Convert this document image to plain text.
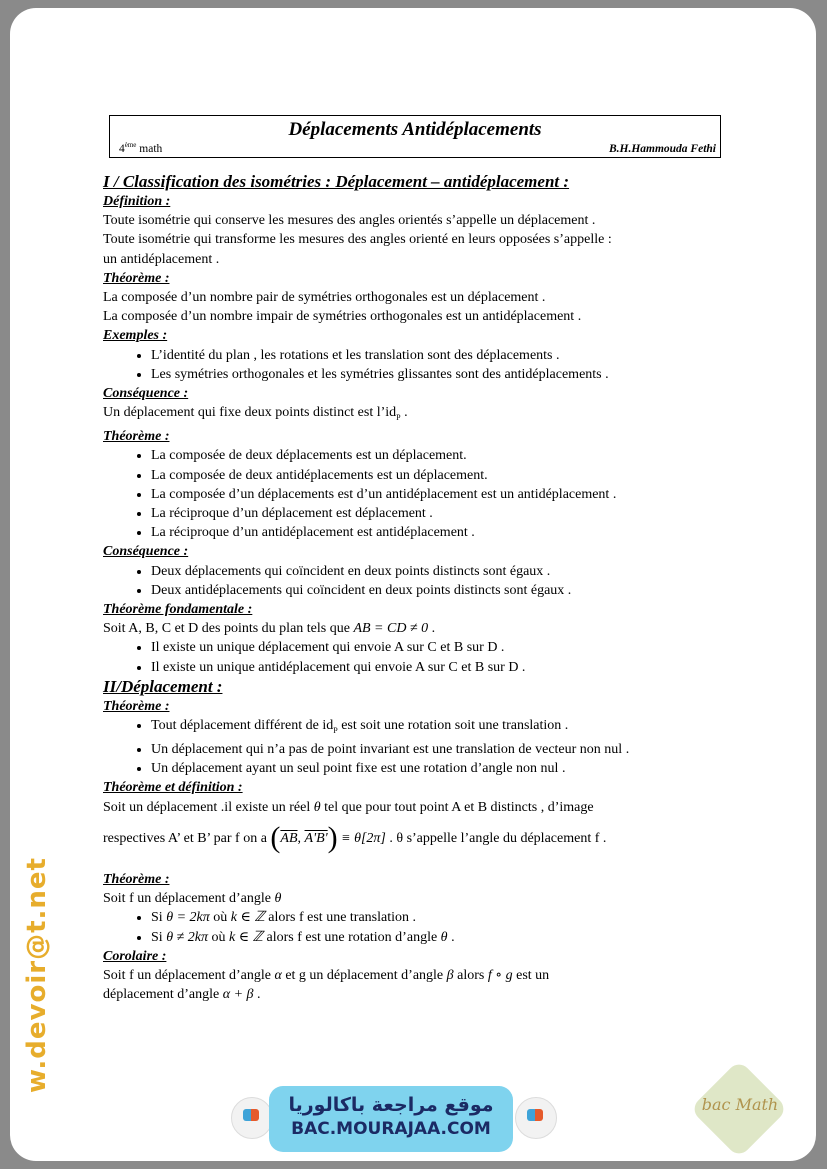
Déplacements Antidéplacements
4ème math	B.H.Hammouda Fethi

I / Classification des isométries : Déplacement – antidéplacement :

Définition :

Toute isométrie qui conserve les mesures des angles orientés s’appelle un déplacement .

Toute isométrie qui transforme les mesures des angles orienté en leurs opposées s’appelle :

un antidéplacement .

Théorème :

La composée d’un nombre pair de symétries orthogonales est un déplacement .

La composée d’un nombre impair de symétries orthogonales est un antidéplacement .

Exemples :

• L’identité du plan , les rotations et les translation sont des déplacements .
• Les symétries orthogonales et les symétries glissantes sont des antidéplacements .

Conséquence :

Un déplacement qui fixe deux points distinct est $l’id_P$ .

Théorème :

• La composée de deux déplacements est un déplacement.
• La composée de deux antidéplacements est un déplacement.
• La composée d’un déplacements est d’un antidéplacement est un antidéplacement .
• La réciproque d’un déplacement est déplacement .
• La réciproque d’un antidéplacement est antidéplacement .

Conséquence :

• Deux déplacements qui coïncident en deux points distincts sont égaux .
• Deux antidéplacements qui coïncident en deux points distincts sont égaux .

Théorème fondamentale :

Soit A, B, C et D des points du plan tels que AB = CD ≠ 0 .

• Il existe un unique déplacement qui envoie A sur C et B sur D .
• Il existe un unique antidéplacement qui envoie A sur C et B sur D .

II/Déplacement :

Théorème :

• Tout déplacement différent de $id_P$ est soit une rotation soit une translation .
• Un déplacement qui n’a pas de point invariant est une translation de vecteur non nul .
• Un déplacement ayant un seul point fixe est une rotation d’angle non nul .

Théorème et définition :

Soit un déplacement .il existe un réel θ tel que pour tout point A et B distincts , d’image

respectives A’ et B’ par f on a ($\overline{AB}$, A'B') ≡ θ[2π] . θ s’appelle l’angle du déplacement f .

Théorème :

Soit f un déplacement d’angle θ

• Si θ = 2kπ où k ∈ ℤ alors f est une translation .
• Si θ ≠ 2kπ où k ∈ ℤ alors f est une rotation d’angle θ .

Corolaire :

Soit f un déplacement d’angle α et g un déplacement d’angle β alors f ∘ g est un

déplacement d’angle α + β .

w.devoir@t.net
موقع مراجعة باكالوريا
BAC.MOURAJAA.COM
bac Math
